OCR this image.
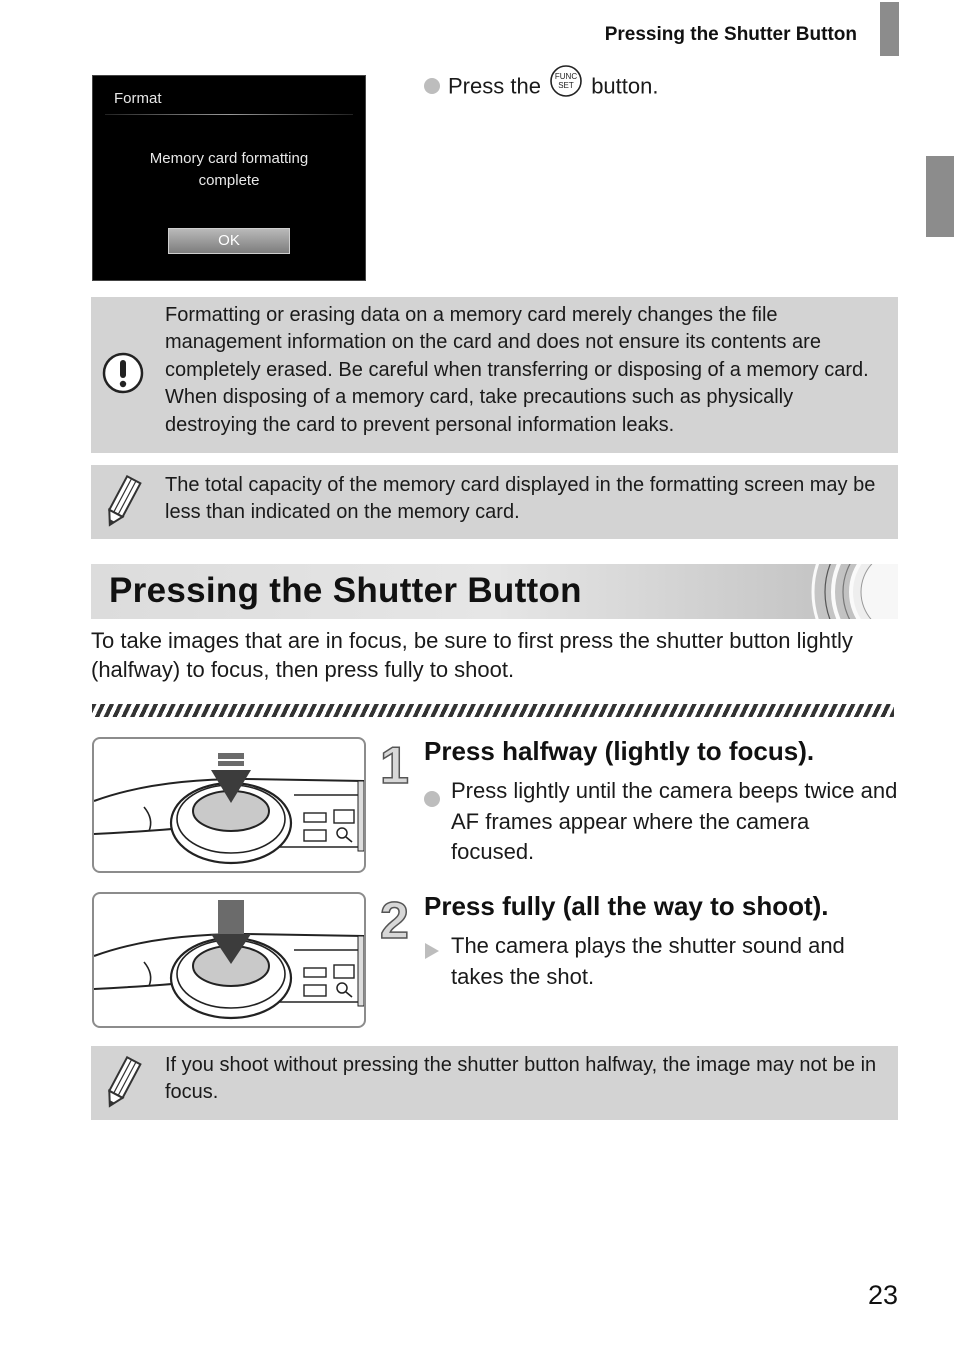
Pressing the Shutter Button
Format
Memory card formatting
complete
OK
Press the FUNC
SET button.
Formatting or erasing data on a memory card merely changes the file management information on the card and does not ensure its contents are completely erased. Be careful when transferring or disposing of a memory card. When disposing of a memory card, take precautions such as physically destroying the card to prevent personal information leaks.
The total capacity of the memory card displayed in the formatting screen may be less than indicated on the memory card.
Pressing the Shutter Button
To take images that are in focus, be sure to first press the shutter button lightly (halfway) to focus, then press fully to shoot.
1 Press halfway (lightly to focus).
Press lightly until the camera beeps twice and AF frames appear where the camera focused.
2 Press fully (all the way to shoot).
The camera plays the shutter sound and takes the shot.
If you shoot without pressing the shutter button halfway, the image may not be in focus.
23
